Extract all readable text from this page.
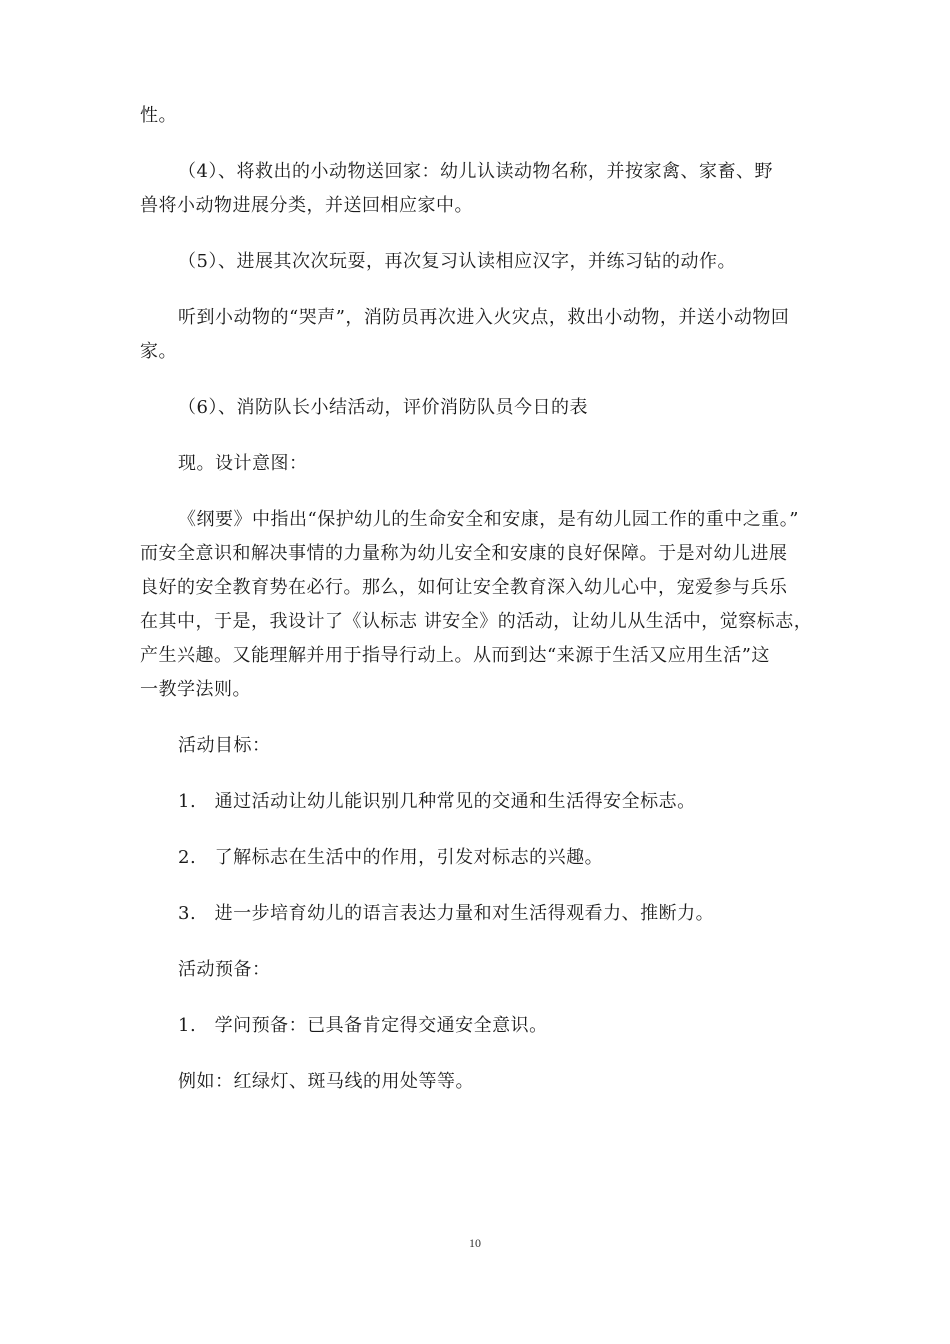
性。
（4）、将救出的小动物送回家：幼儿认读动物名称，并按家禽、家畜、野
兽将小动物进展分类，并送回相应家中。
（5）、进展其次次玩耍，再次复习认读相应汉字，并练习钻的动作。
听到小动物的“哭声”，消防员再次进入火灾点，救出小动物，并送小动物回
家。
（6）、消防队长小结活动，评价消防队员今日的表
现。设计意图：
《纲要》中指出“保护幼儿的生命安全和安康，是有幼儿园工作的重中之重。”
而安全意识和解决事情的力量称为幼儿安全和安康的良好保障。于是对幼儿进展
良好的安全教育势在必行。那么，如何让安全教育深入幼儿心中，宠爱参与兵乐
在其中，于是，我设计了《认标志 讲安全》的活动，让幼儿从生活中，觉察标志，
产生兴趣。又能理解并用于指导行动上。从而到达“来源于生活又应用生活”这
一教学法则。
活动目标：
1.　通过活动让幼儿能识别几种常见的交通和生活得安全标志。
2.　了解标志在生活中的作用，引发对标志的兴趣。
3.　进一步培育幼儿的语言表达力量和对生活得观看力、推断力。
活动预备：
1.　学问预备：已具备肯定得交通安全意识。
例如：红绿灯、斑马线的用处等等。
10
